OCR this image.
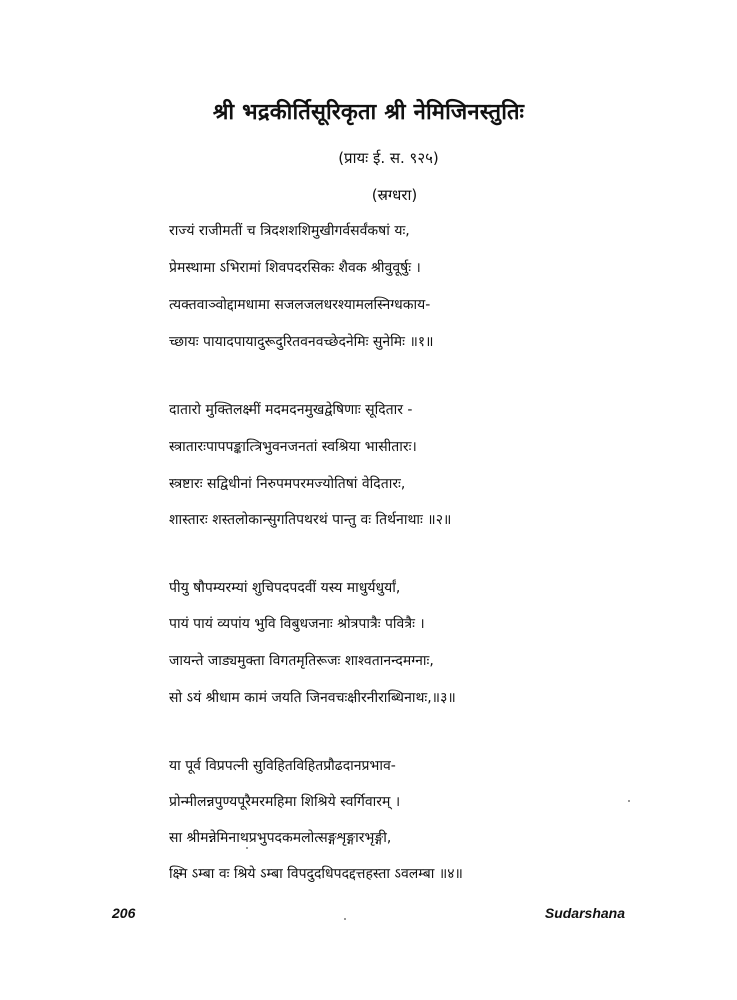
श्री भद्रकीर्तिसूरिकृता श्री नेमिजिनस्तुतिः
(प्रायः ई. स. ९२५)
(स्रग्धरा)
राज्यं राजीमतीं च त्रिदशशशिमुखीगर्वसर्वंकषां यः,
प्रेमस्थामा ऽभिरामां शिवपदरसिकः शैवक श्रीवुवूर्षुः ।
त्यक्तवाञ्वोद्दामधामा सजलजलधरश्यामलस्निग्धकाय-
च्छायः पायादपायादुरूदुरितवनवच्छेदनेमिः सुनेमिः ॥१॥
दातारो मुक्तिलक्ष्मीं मदमदनमुखद्वेषिणाः सूदितार -
स्त्रातारःपापपङ्कात्त्रिभुवनजनतां स्वश्रिया भासीतारः।
स्त्रष्टारः सद्विधीनां निरुपमपरमज्योतिषां वेदितारः,
शास्तारः शस्तलोकान्सुगतिपथरथं पान्तु वः तिर्थनाथाः ॥२॥
पीयु षौपम्यरम्यां शुचिपदपदवीं यस्य माधुर्यधुर्यां,
पायं पायं व्यपांय भुवि विबुधजनाः श्रोत्रपात्रैः पवित्रैः ।
जायन्ते जाड्यमुक्ता विगतमृतिरूजः शाश्वतानन्दमग्नाः,
सो ऽयं श्रीधाम कामं जयति जिनवचःक्षीरनीराब्धिनाथः,॥३॥
या पूर्व विप्रपत्नी सुविहितविहितप्रौढदानप्रभाव-
प्रोन्मीलन्नपुण्यपूरैमरमहिमा शिश्रिये स्वर्गिवारम् ।
सा श्रीमन्नेमिनाथप्रभुपदकमलोत्सङ्गशृङ्गारभृङ्गी,
क्ष्मि ऽम्बा वः श्रिये ऽम्बा विपदुदधिपदद्दत्तहस्ता ऽवलम्बा ॥४॥
206	Sudarshana
